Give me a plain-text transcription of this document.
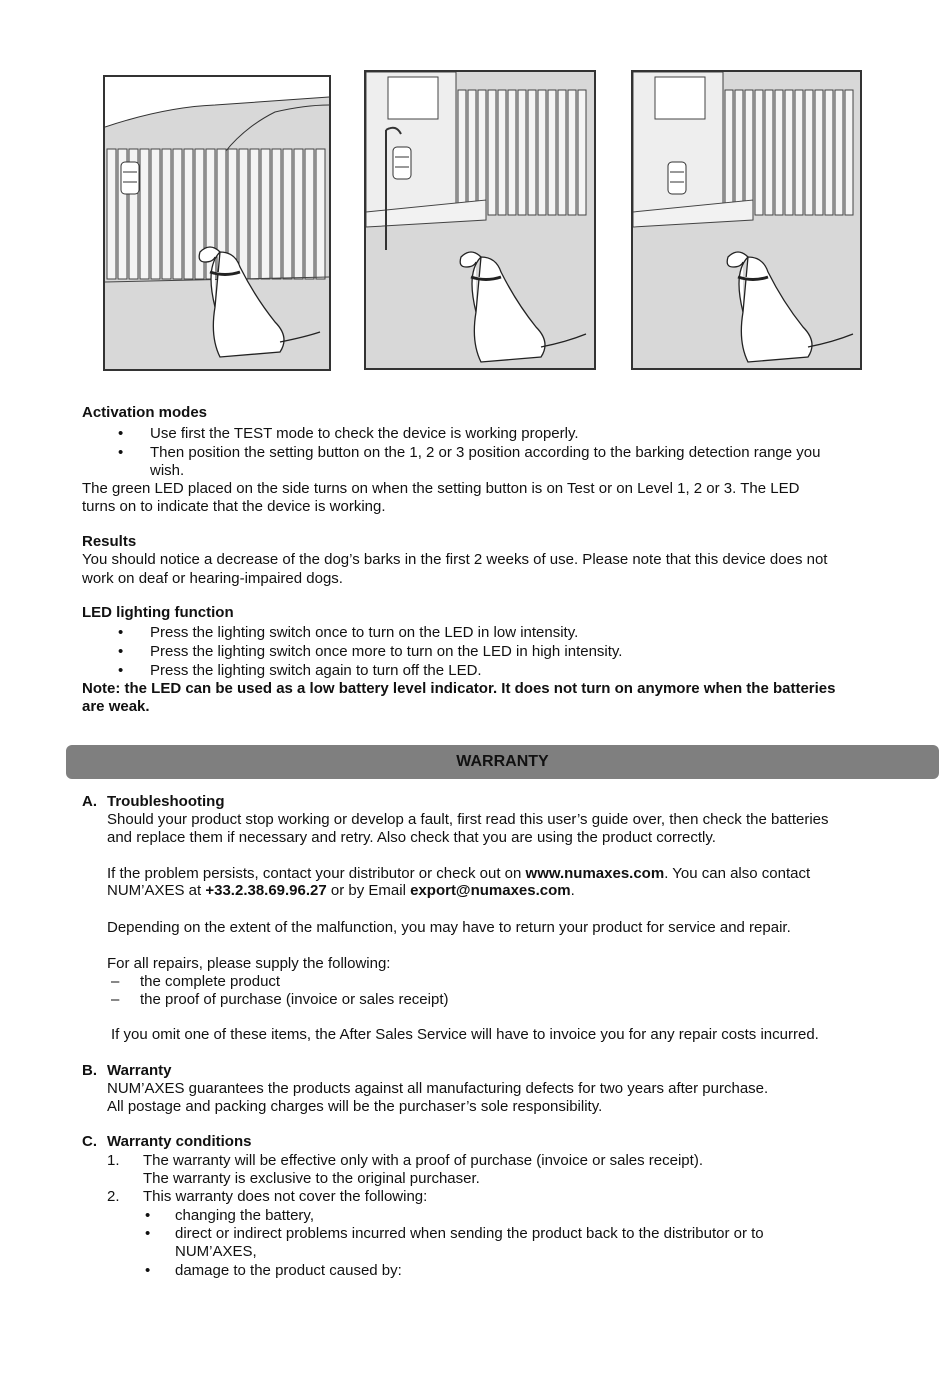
Activation modes
• Use first the TEST mode to check the device is working properly.
• Then position the setting button on the 1, 2 or 3 position according to the barking detection range you
wish.
The green LED placed on the side turns on when the setting button is on Test or on Level 1, 2 or 3. The LED
turns on to indicate that the device is working.
Results
You should notice a decrease of the dog’s barks in the first 2 weeks of use. Please note that this device does not
work on deaf or hearing-impaired dogs.
LED lighting function
• Press the lighting switch once to turn on the LED in low intensity.
• Press the lighting switch once more to turn on the LED in high intensity.
• Press the lighting switch again to turn off the LED.
Note: the LED can be used as a low battery level indicator. It does not turn on anymore when the batteries
are weak.
WARRANTY
A. Troubleshooting
Should your product stop working or develop a fault, first read this user’s guide over, then check the batteries
and replace them if necessary and retry. Also check that you are using the product correctly.
If the problem persists, contact your distributor or check out on www.numaxes.com. You can also contact
NUM’AXES at +33.2.38.69.96.27 or by Email export@numaxes.com.
Depending on the extent of the malfunction, you may have to return your product for service and repair.
For all repairs, please supply the following:
– the complete product
– the proof of purchase (invoice or sales receipt)
If you omit one of these items, the After Sales Service will have to invoice you for any repair costs incurred.
B. Warranty
NUM’AXES guarantees the products against all manufacturing defects for two years after purchase.
All postage and packing charges will be the purchaser’s sole responsibility.
C. Warranty conditions
1. The warranty will be effective only with a proof of purchase (invoice or sales receipt).
The warranty is exclusive to the original purchaser.
2. This warranty does not cover the following:
• changing the battery,
• direct or indirect problems incurred when sending the product back to the distributor or to
NUM’AXES,
• damage to the product caused by:
